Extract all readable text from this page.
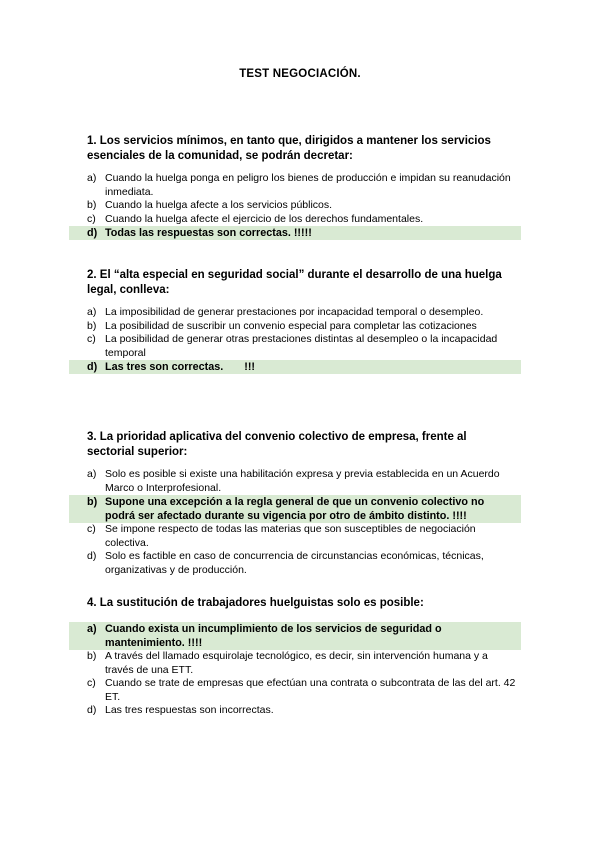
TEST NEGOCIACIÓN.

1. Los servicios mínimos, en tanto que, dirigidos a mantener los servicios esenciales de la comunidad, se podrán decretar:

a) Cuando la huelga ponga en peligro los bienes de producción e impidan su reanudación inmediata.
b) Cuando la huelga afecte a los servicios públicos.
c) Cuando la huelga afecte el ejercicio de los derechos fundamentales.
d) Todas las respuestas son correctas. !!!!!

2. El “alta especial en seguridad social” durante el desarrollo de una huelga legal, conlleva:

a) La imposibilidad de generar prestaciones por incapacidad temporal o desempleo.
b) La posibilidad de suscribir un convenio especial para completar las cotizaciones
c) La posibilidad de generar otras prestaciones distintas al desempleo o la incapacidad temporal
d) Las tres son correctas.       !!!

3. La prioridad aplicativa del convenio colectivo de empresa, frente al sectorial superior:

a) Solo es posible si existe una habilitación expresa y previa establecida en un Acuerdo Marco o Interprofesional.
b) Supone una excepción a la regla general de que un convenio colectivo no podrá ser afectado durante su vigencia por otro de ámbito distinto. !!!!
c) Se impone respecto de todas las materias que son susceptibles de negociación colectiva.
d) Solo es factible en caso de concurrencia de circunstancias económicas, técnicas, organizativas y de producción.

4. La sustitución de trabajadores huelguistas solo es posible:

a) Cuando exista un incumplimiento de los servicios de seguridad o mantenimiento. !!!!
b) A través del llamado esquirolaje tecnológico, es decir, sin intervención humana y a través de una ETT.
c) Cuando se trate de empresas que efectúan una contrata o subcontrata de las del art. 42 ET.
d) Las tres respuestas son incorrectas.
